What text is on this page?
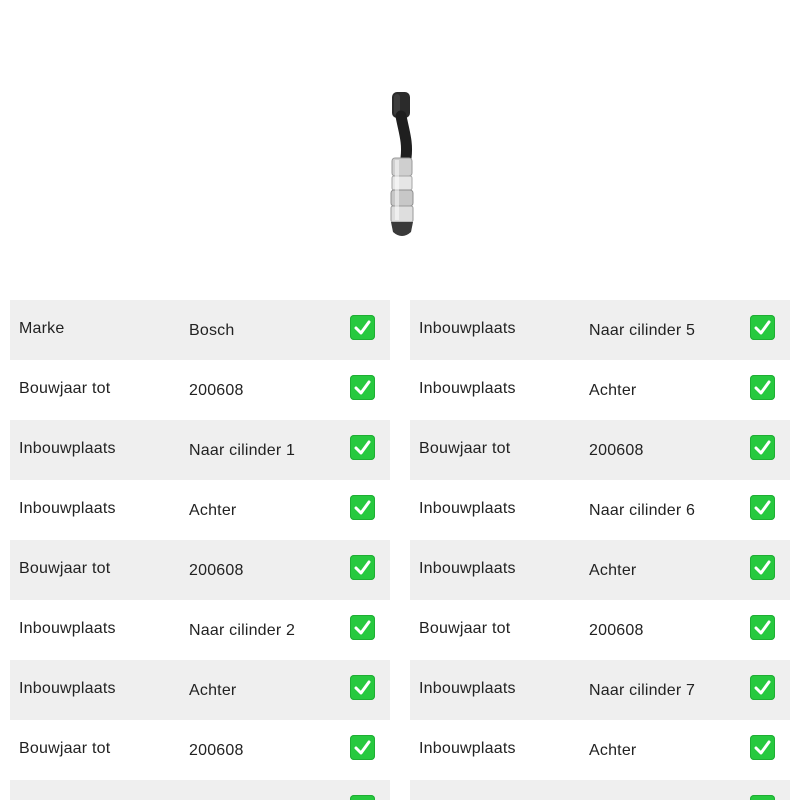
Marke	Bosch
Bouwjaar tot	200608
Inbouwplaats	Naar cilinder 1
Inbouwplaats	Achter
Bouwjaar tot	200608
Inbouwplaats	Naar cilinder 2
Inbouwplaats	Achter
Bouwjaar tot	200608
Inbouwplaats	Naar cilinder 5
Inbouwplaats	Achter
Bouwjaar tot	200608
Inbouwplaats	Naar cilinder 6
Inbouwplaats	Achter
Bouwjaar tot	200608
Inbouwplaats	Naar cilinder 7
Inbouwplaats	Achter
